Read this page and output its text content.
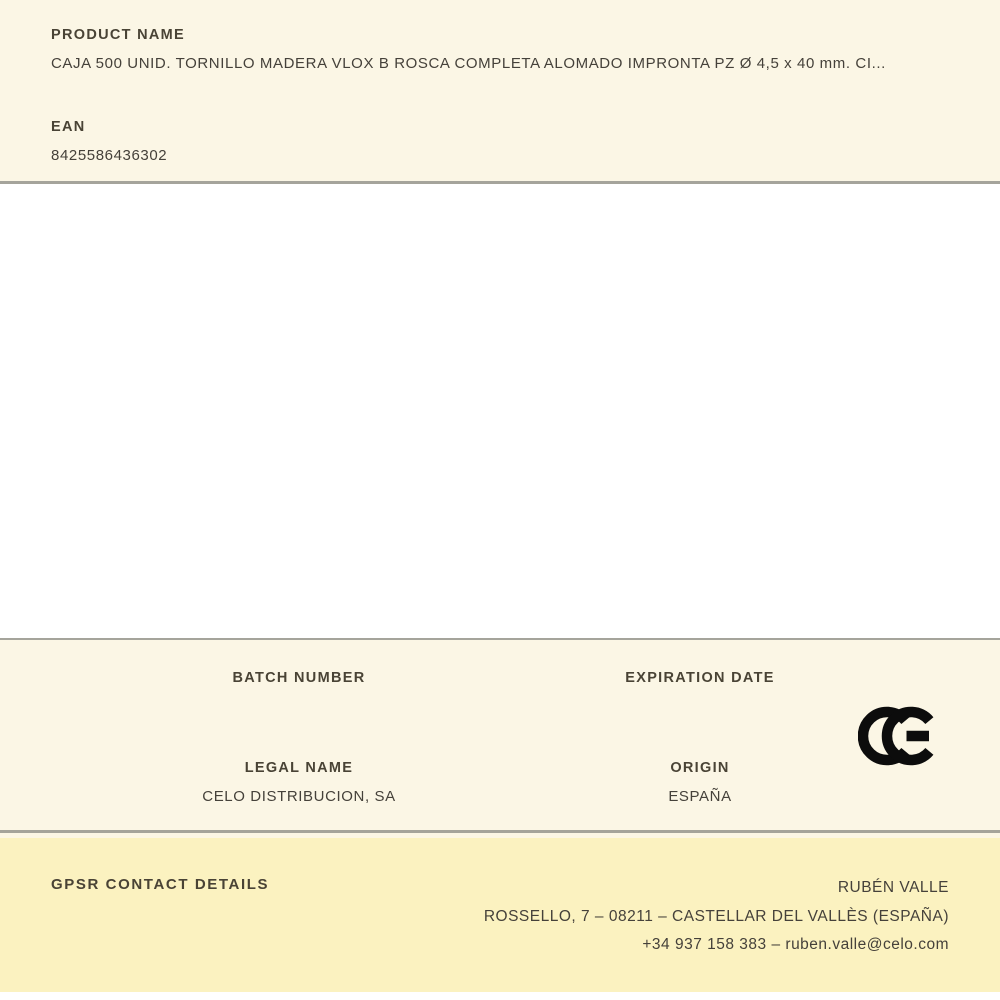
PRODUCT NAME
CAJA 500 UNID. TORNILLO MADERA VLOX B ROSCA COMPLETA ALOMADO IMPRONTA PZ Ø 4,5 x 40 mm. CI...
EAN
8425586436302
BATCH NUMBER	EXPIRATION DATE
LEGAL NAME
CELO DISTRIBUCION, SA
ORIGIN
ESPAÑA
GPSR CONTACT DETAILS	RUBÉN VALLE
ROSSELLO, 7 – 08211 – CASTELLAR DEL VALLÈS (ESPAÑA)
+34 937 158 383 – ruben.valle@celo.com
